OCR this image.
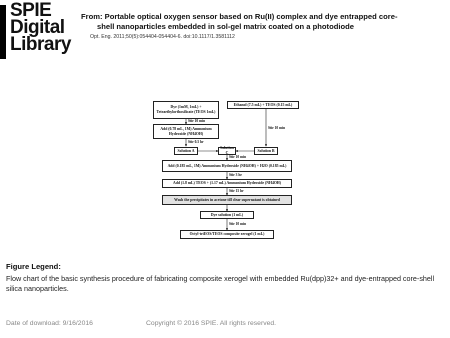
SPIE
Digital
Library
From: Portable optical oxygen sensor based on Ru(II) complex and dye entrapped core-
shell nanoparticles embedded in sol-gel matrix coated on a photodiode
Opt. Eng. 2011;50(5):054404-054404-6. doi:10.1117/1.3581112
Dye (1mM, 1mL) + Tetraethylorthosilicate (TEOS 1mL)
Stir 10 min
Add (0.78 mL, 1M) Ammonium Hydroxide (NH4OH)
Stir 0.5 hr
Ethanol (7.5 mL) + TEOS (0.15 mL)
Stir 10 min
Solution A
Solution C
Solution B
Stir 10 min
Add (0.185 mL, 1M) Ammonium Hydroxide (NH4OH) + H2O (0.185 mL)
Stir 3 hr
Add (1.8 mL) TEOS + (1.17 mL) Ammonium Hydroxide (NH4OH)
Stir 15 hr
Wash the precipitates in acetone till clear supernatant is obtained
Dye solution (1 mL)
Stir 10 min
Octyl-triEOS/TEOS composite xerogel (1 mL)
Figure Legend:
Flow chart of the basic synthesis procedure of fabricating composite xerogel with embedded Ru(dpp)32+ and dye-entrapped core-shell silica nanoparticles.
Date of download: 9/16/2016	Copyright © 2016 SPIE. All rights reserved.
